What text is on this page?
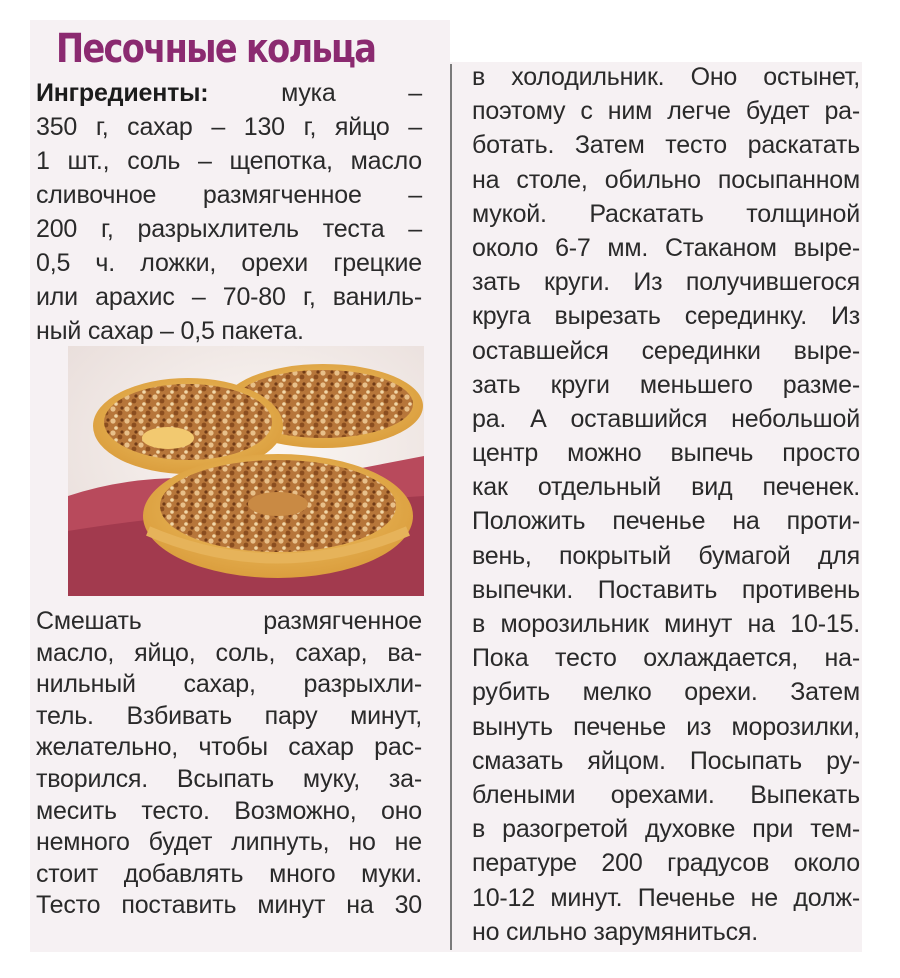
Песочные кольца
Ингредиенты:	мука –
350 г, сахар – 130 г, яйцо –
1 шт., соль – щепотка, масло
сливочное размягченное –
200 г, разрыхлитель теста –
0,5 ч. ложки, орехи грецкие
или арахис – 70-80 г, ваниль-
ный сахар – 0,5 пакета.
Смешать размягченное
масло, яйцо, соль, сахар, ва-
нильный сахар, разрыхли-
тель. Взбивать пару минут,
желательно, чтобы сахар рас-
творился. Всыпать муку, за-
месить тесто. Возможно, оно
немного будет липнуть, но не
стоит добавлять много муки.
Тесто поставить минут на 30
в холодильник. Оно остынет,
поэтому с ним легче будет ра-
ботать. Затем тесто раскатать
на столе, обильно посыпанном
мукой. Раскатать толщиной
около 6-7 мм. Стаканом выре-
зать круги. Из получившегося
круга вырезать серединку. Из
оставшейся серединки выре-
зать круги меньшего разме-
ра. А оставшийся небольшой
центр можно выпечь просто
как отдельный вид печенек.
Положить печенье на проти-
вень, покрытый бумагой для
выпечки. Поставить противень
в морозильник минут на 10-15.
Пока тесто охлаждается, на-
рубить мелко орехи. Затем
вынуть печенье из морозилки,
смазать яйцом. Посыпать ру-
блеными орехами. Выпекать
в разогретой духовке при тем-
пературе 200 градусов около
10-12 минут. Печенье не долж-
но сильно зарумяниться.
